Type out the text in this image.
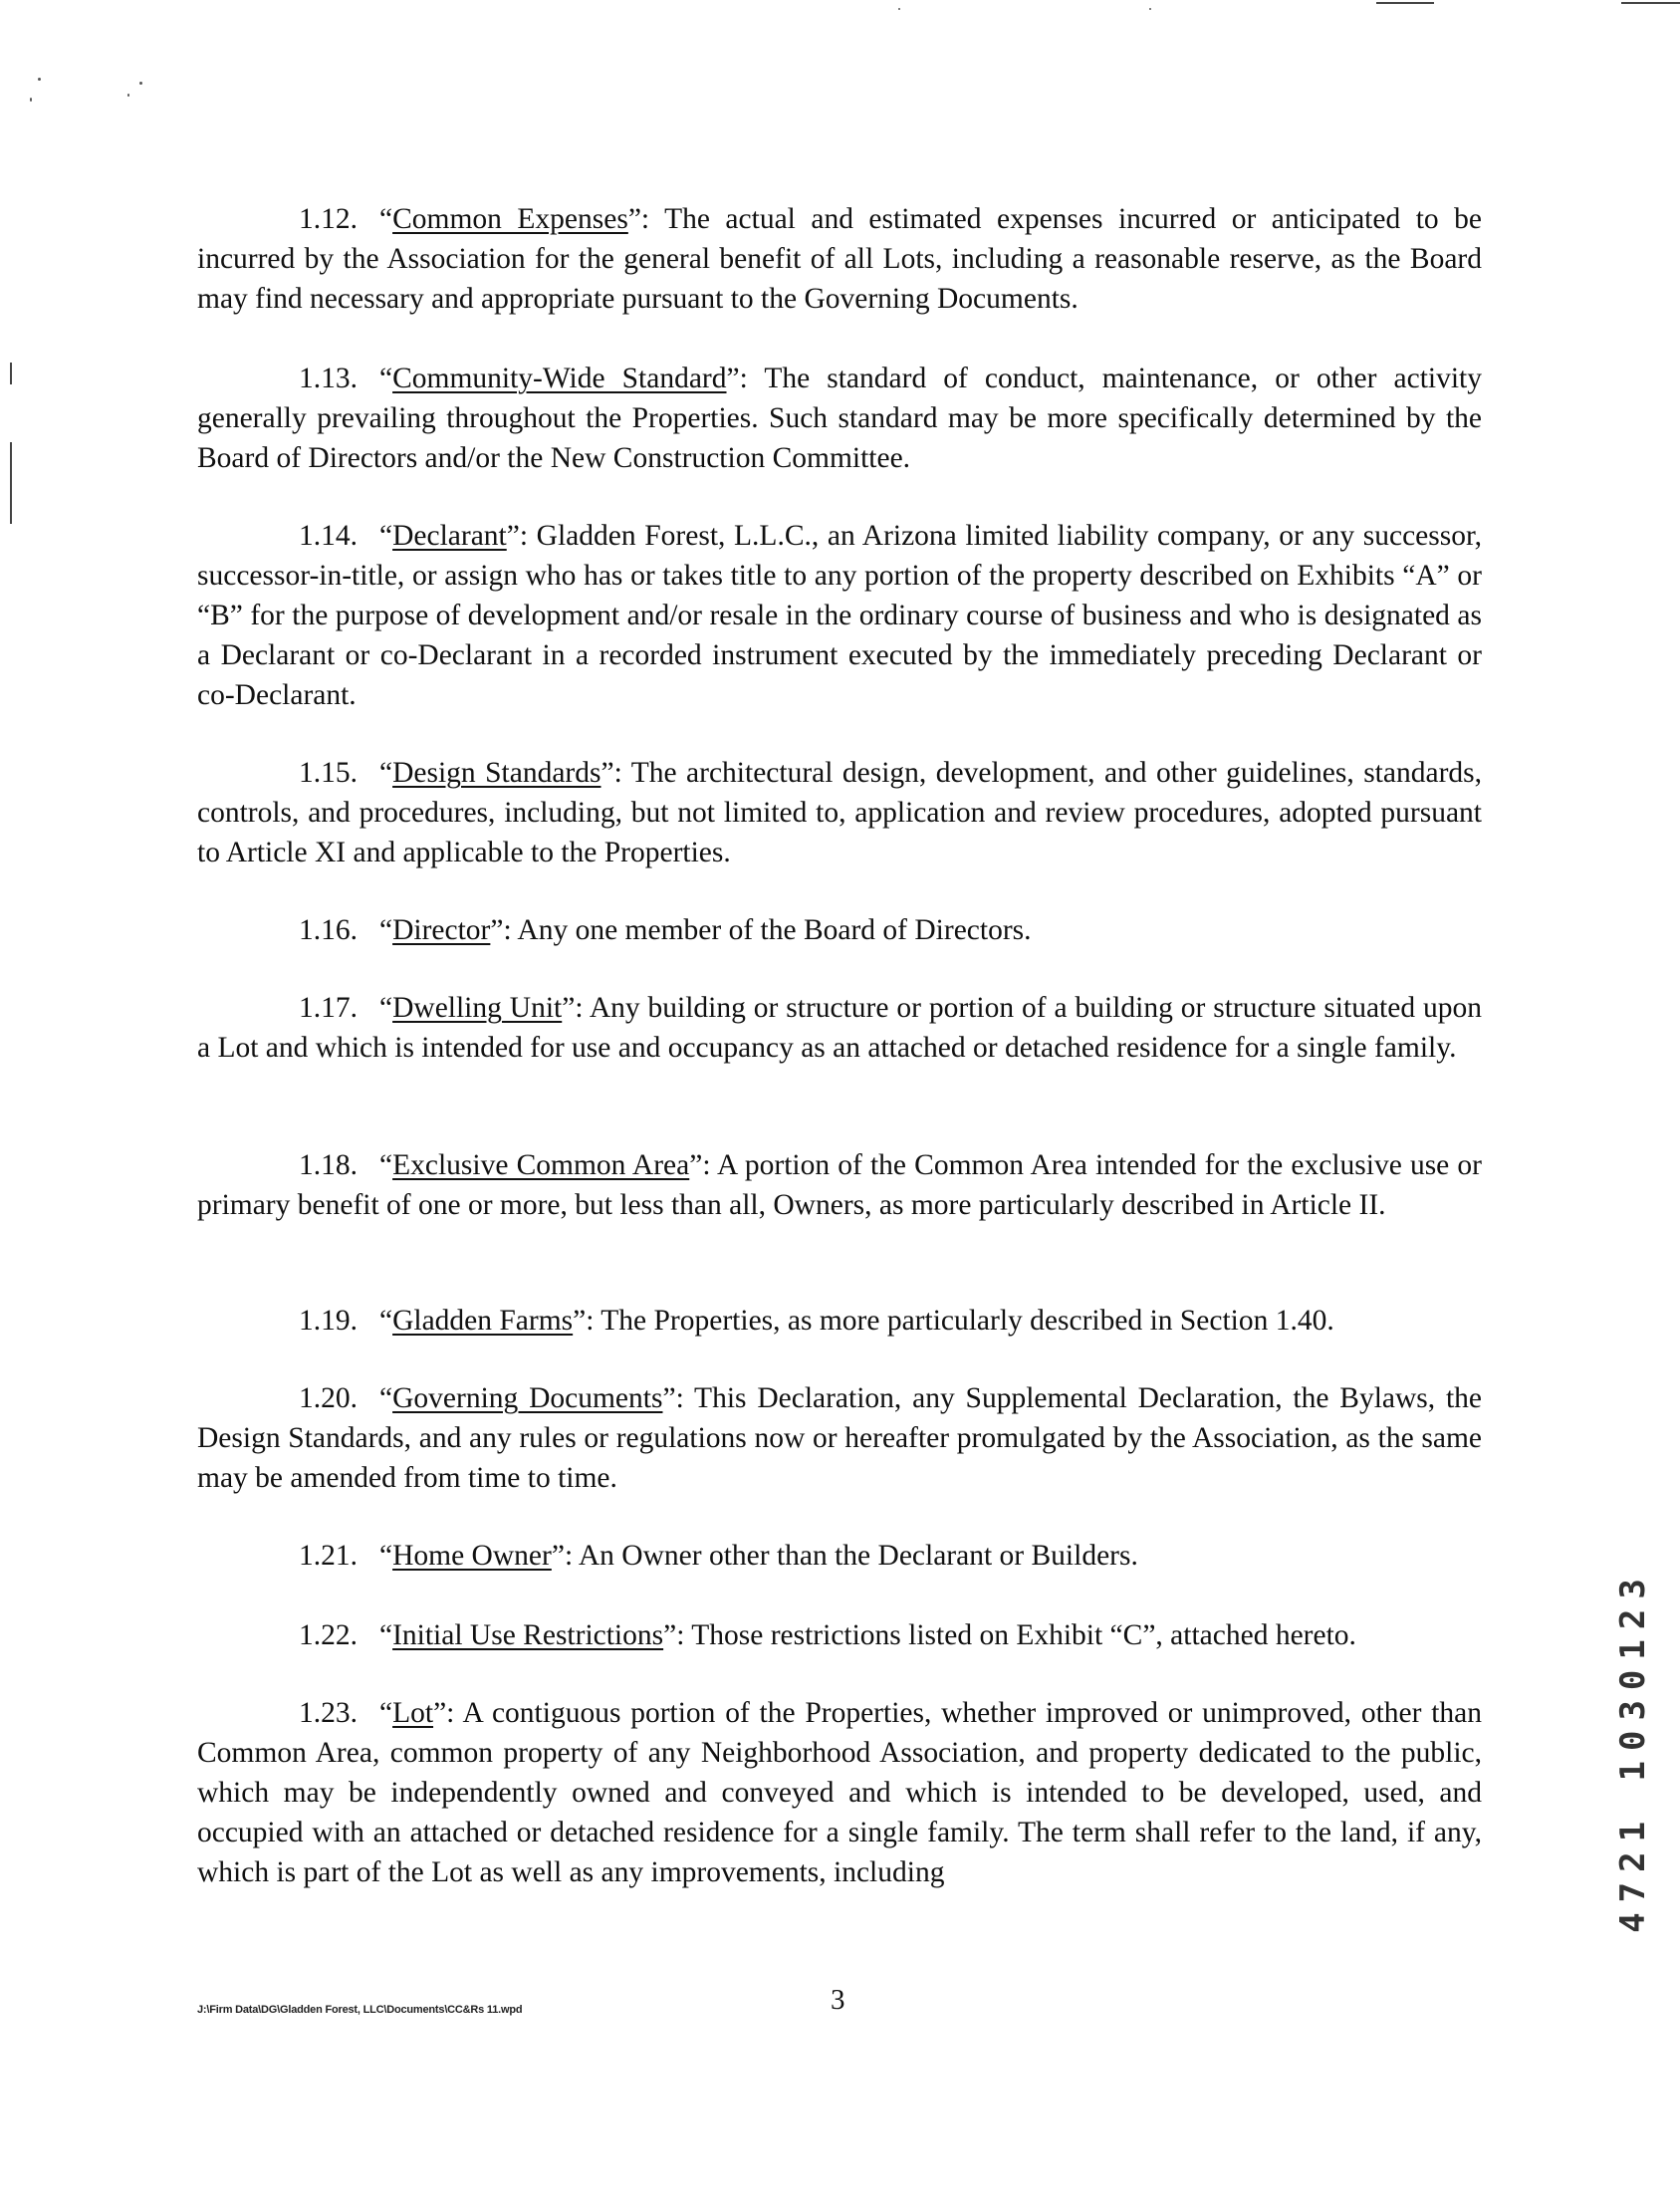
1.12. “Common Expenses”: The actual and estimated expenses incurred or anticipated to be incurred by the Association for the general benefit of all Lots, including a reasonable reserve, as the Board may find necessary and appropriate pursuant to the Governing Documents.

1.13. “Community-Wide Standard”: The standard of conduct, maintenance, or other activity generally prevailing throughout the Properties. Such standard may be more specifically determined by the Board of Directors and/or the New Construction Committee.

1.14. “Declarant”: Gladden Forest, L.L.C., an Arizona limited liability company, or any successor, successor-in-title, or assign who has or takes title to any portion of the property described on Exhibits “A” or “B” for the purpose of development and/or resale in the ordinary course of business and who is designated as a Declarant or co-Declarant in a recorded instrument executed by the immediately preceding Declarant or co-Declarant.

1.15. “Design Standards”: The architectural design, development, and other guidelines, standards, controls, and procedures, including, but not limited to, application and review procedures, adopted pursuant to Article XI and applicable to the Properties.

1.16. “Director”: Any one member of the Board of Directors.

1.17. “Dwelling Unit”: Any building or structure or portion of a building or structure situated upon a Lot and which is intended for use and occupancy as an attached or detached residence for a single family.

1.18. “Exclusive Common Area”: A portion of the Common Area intended for the exclusive use or primary benefit of one or more, but less than all, Owners, as more particularly described in Article II.

1.19. “Gladden Farms”: The Properties, as more particularly described in Section 1.40.

1.20. “Governing Documents”: This Declaration, any Supplemental Declaration, the Bylaws, the Design Standards, and any rules or regulations now or hereafter promulgated by the Association, as the same may be amended from time to time.

1.21. “Home Owner”: An Owner other than the Declarant or Builders.

1.22. “Initial Use Restrictions”: Those restrictions listed on Exhibit “C”, attached hereto.

1.23. “Lot”: A contiguous portion of the Properties, whether improved or unimproved, other than Common Area, common property of any Neighborhood Association, and property dedicated to the public, which may be independently owned and conveyed and which is intended to be developed, used, and occupied with an attached or detached residence for a single family. The term shall refer to the land, if any, which is part of the Lot as well as any improvements, including

J:\Firm Data\DG\Gladden Forest, LLC\Documents\CC&Rs 11.wpd	3
4721 1030123
